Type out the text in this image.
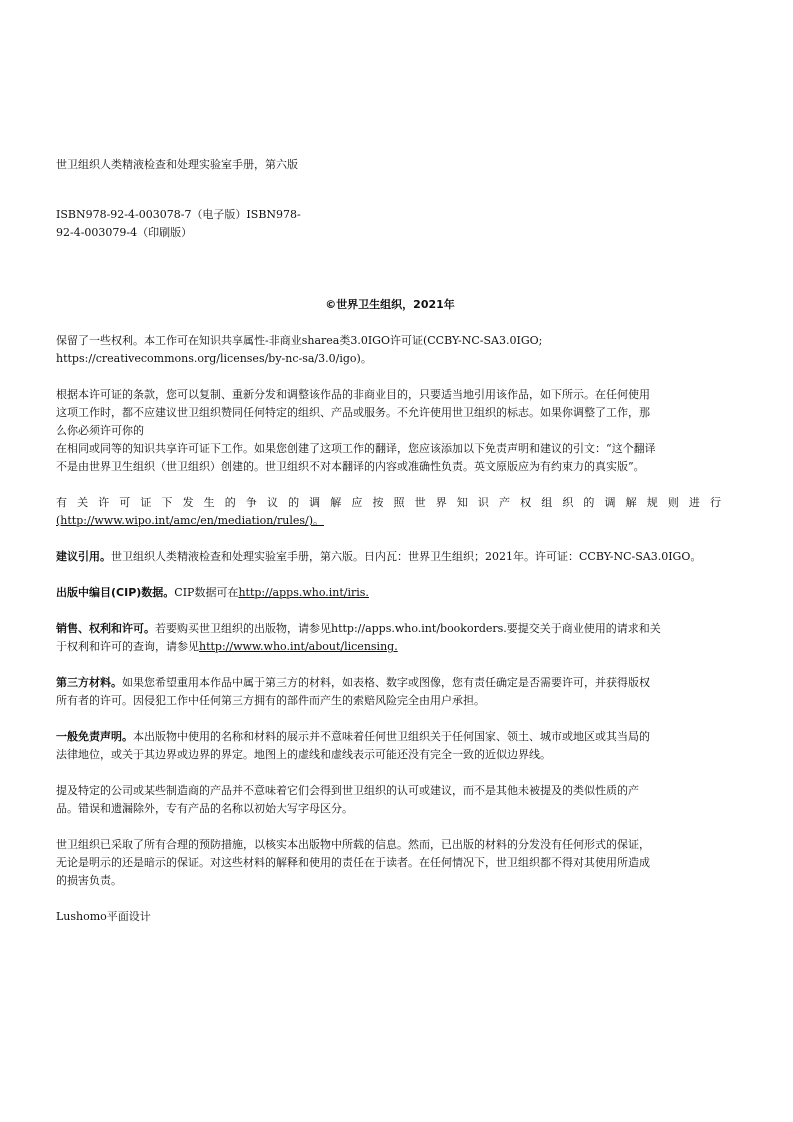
世卫组织人类精液检查和处理实验室手册，第六版

ISBN978-92-4-003078-7（电子版）ISBN978-
92-4-003079-4（印刷版）

©世界卫生组织，2021年

保留了一些权利。本工作可在知识共享属性-非商业sharea类3.0IGO许可证(CCBY-NC-SA3.0IGO;
https://creativecommons.org/licenses/by-nc-sa/3.0/igo)。

根据本许可证的条款，您可以复制、重新分发和调整该作品的非商业目的，只要适当地引用该作品，如下所示。在任何使用
这项工作时，都不应建议世卫组织赞同任何特定的组织、产品或服务。不允许使用世卫组织的标志。如果你调整了工作，那
么你必须许可你的
在相同或同等的知识共享许可证下工作。如果您创建了这项工作的翻译，您应该添加以下免责声明和建议的引文：“这个翻译
不是由世界卫生组织（世卫组织）创建的。世卫组织不对本翻译的内容或准确性负责。英文原版应为有约束力的真实版”。

有关许可证下发生的争议的调解应按照世界知识产权组织的调解规则进行

(http://www.wipo.int/amc/en/mediation/rules/)。

建议引用。世卫组织人类精液检查和处理实验室手册，第六版。日内瓦：世界卫生组织；2021年。许可证：CCBY-NC-SA3.0IGO。

出版中编目(CIP)数据。CIP数据可在http://apps.who.int/iris.

销售、权利和许可。若要购买世卫组织的出版物，请参见http://apps.who.int/bookorders.要提交关于商业使用的请求和关
于权利和许可的查询，请参见http://www.who.int/about/licensing.

第三方材料。如果您希望重用本作品中属于第三方的材料，如表格、数字或图像，您有责任确定是否需要许可，并获得版权
所有者的许可。因侵犯工作中任何第三方拥有的部件而产生的索赔风险完全由用户承担。

一般免责声明。本出版物中使用的名称和材料的展示并不意味着任何世卫组织关于任何国家、领土、城市或地区或其当局的
法律地位，或关于其边界或边界的界定。地图上的虚线和虚线表示可能还没有完全一致的近似边界线。

提及特定的公司或某些制造商的产品并不意味着它们会得到世卫组织的认可或建议，而不是其他未被提及的类似性质的产
品。错误和遗漏除外，专有产品的名称以初始大写字母区分。

世卫组织已采取了所有合理的预防措施，以核实本出版物中所载的信息。然而，已出版的材料的分发没有任何形式的保证，
无论是明示的还是暗示的保证。对这些材料的解释和使用的责任在于读者。在任何情况下，世卫组织都不得对其使用所造成
的损害负责。

Lushomo平面设计
